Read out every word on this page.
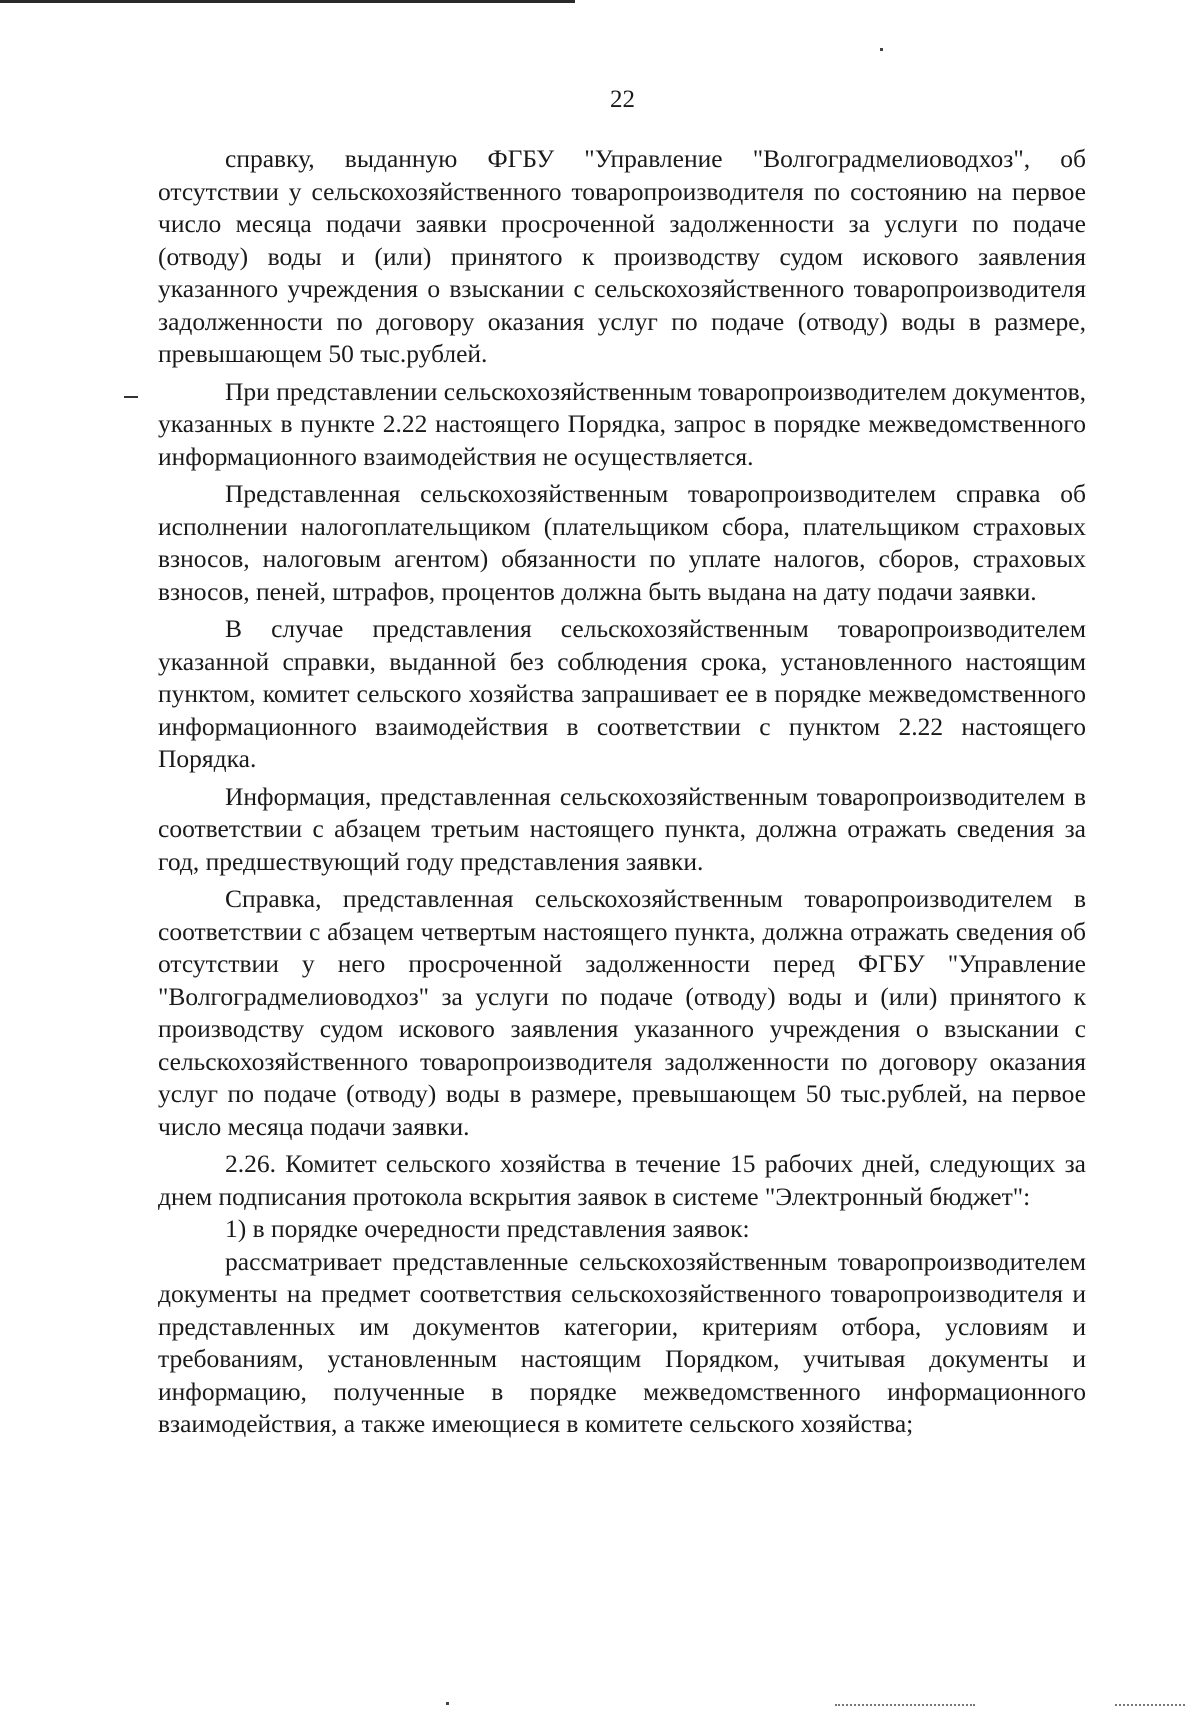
22

справку, выданную ФГБУ "Управление "Волгоградмелиоводхоз", об отсутствии у сельскохозяйственного товаропроизводителя по состоянию на первое число месяца подачи заявки просроченной задолженности за услуги по подаче (отводу) воды и (или) принятого к производству судом искового заявления указанного учреждения о взыскании с сельскохозяйственного товаропроизводителя задолженности по договору оказания услуг по подаче (отводу) воды в размере, превышающем 50 тыс.рублей.

При представлении сельскохозяйственным товаропроизводителем документов, указанных в пункте 2.22 настоящего Порядка, запрос в порядке межведомственного информационного взаимодействия не осуществляется.

Представленная сельскохозяйственным товаропроизводителем справка об исполнении налогоплательщиком (плательщиком сбора, плательщиком страховых взносов, налоговым агентом) обязанности по уплате налогов, сборов, страховых взносов, пеней, штрафов, процентов должна быть выдана на дату подачи заявки.

В случае представления сельскохозяйственным товаропроизводителем указанной справки, выданной без соблюдения срока, установленного настоящим пунктом, комитет сельского хозяйства запрашивает ее в порядке межведомственного информационного взаимодействия в соответствии с пунктом 2.22 настоящего Порядка.

Информация, представленная сельскохозяйственным товаропроизводителем в соответствии с абзацем третьим настоящего пункта, должна отражать сведения за год, предшествующий году представления заявки.

Справка, представленная сельскохозяйственным товаропроизводителем в соответствии с абзацем четвертым настоящего пункта, должна отражать сведения об отсутствии у него просроченной задолженности перед ФГБУ "Управление "Волгоградмелиоводхоз" за услуги по подаче (отводу) воды и (или) принятого к производству судом искового заявления указанного учреждения о взыскании с сельскохозяйственного товаропроизводителя задолженности по договору оказания услуг по подаче (отводу) воды в размере, превышающем 50 тыс.рублей, на первое число месяца подачи заявки.

2.26. Комитет сельского хозяйства в течение 15 рабочих дней, следующих за днем подписания протокола вскрытия заявок в системе "Электронный бюджет":

1) в порядке очередности представления заявок:

рассматривает представленные сельскохозяйственным товаропроизводителем документы на предмет соответствия сельскохозяйственного товаропроизводителя и представленных им документов категории, критериям отбора, условиям и требованиям, установленным настоящим Порядком, учитывая документы и информацию, полученные в порядке межведомственного информационного взаимодействия, а также имеющиеся в комитете сельского хозяйства;
